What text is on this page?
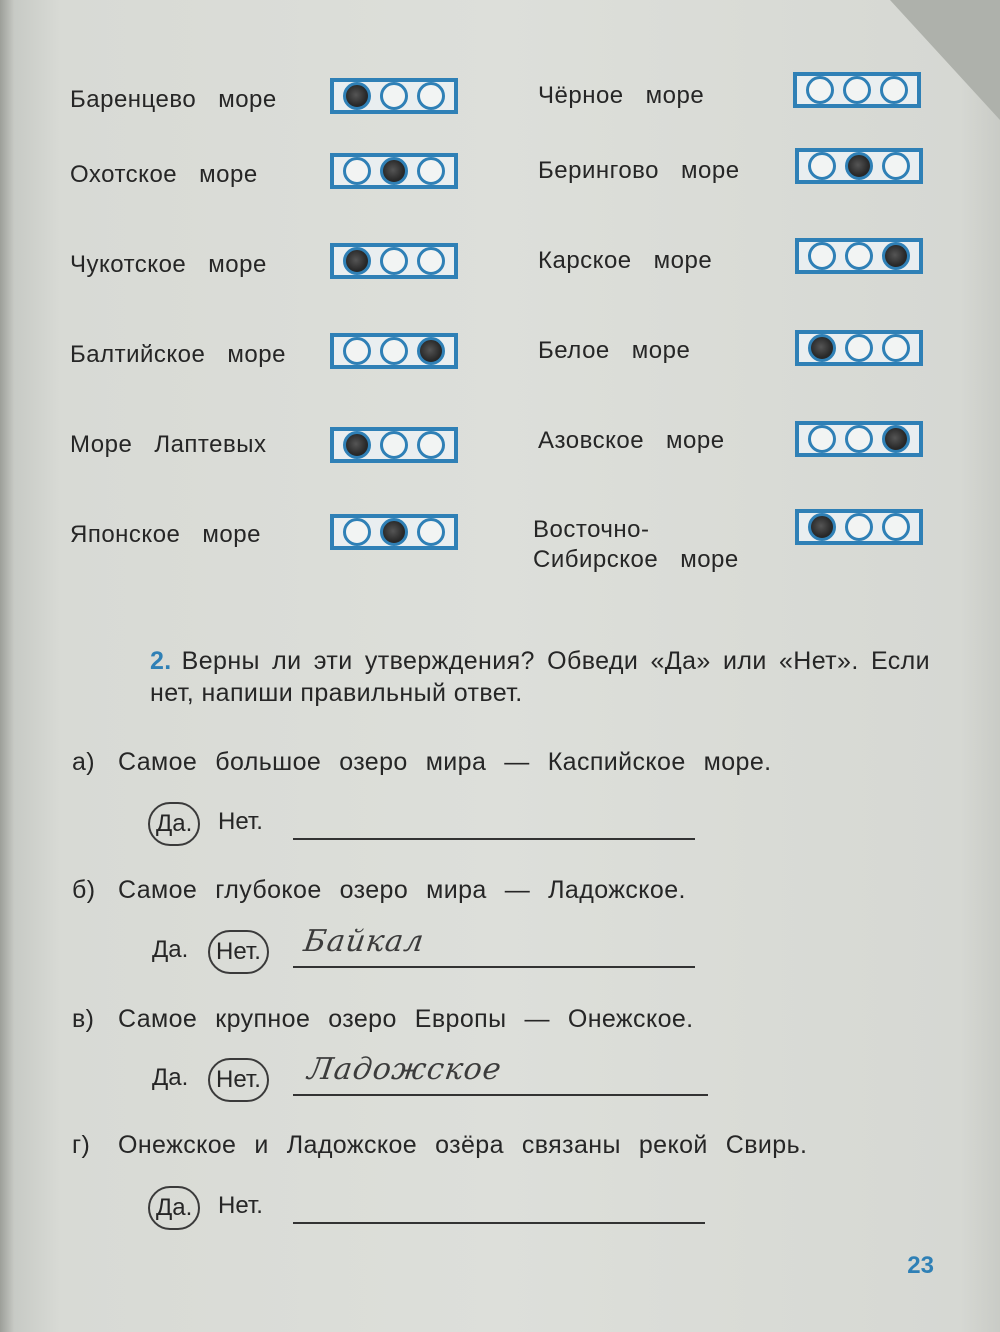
Баренцево море
Охотское море
Чукотское море
Балтийское море
Море Лаптевых
Японское море
Чёрное море
Берингово море
Карское море
Белое море
Азовское море
Восточно-
Сибирское море
2. Верны ли эти утверждения? Обведи «Да» или «Нет». Если нет, напиши правильный ответ.
а) Самое большое озеро мира — Каспийское море.
Да.	Нет.
б) Самое глубокое озеро мира — Ладожское.
Да.	Нет. Байкал
в) Самое крупное озеро Европы — Онежское.
Да.	Нет. Ладожское
г) Онежское и Ладожское озёра связаны рекой Свирь.
Да.	Нет.
23
